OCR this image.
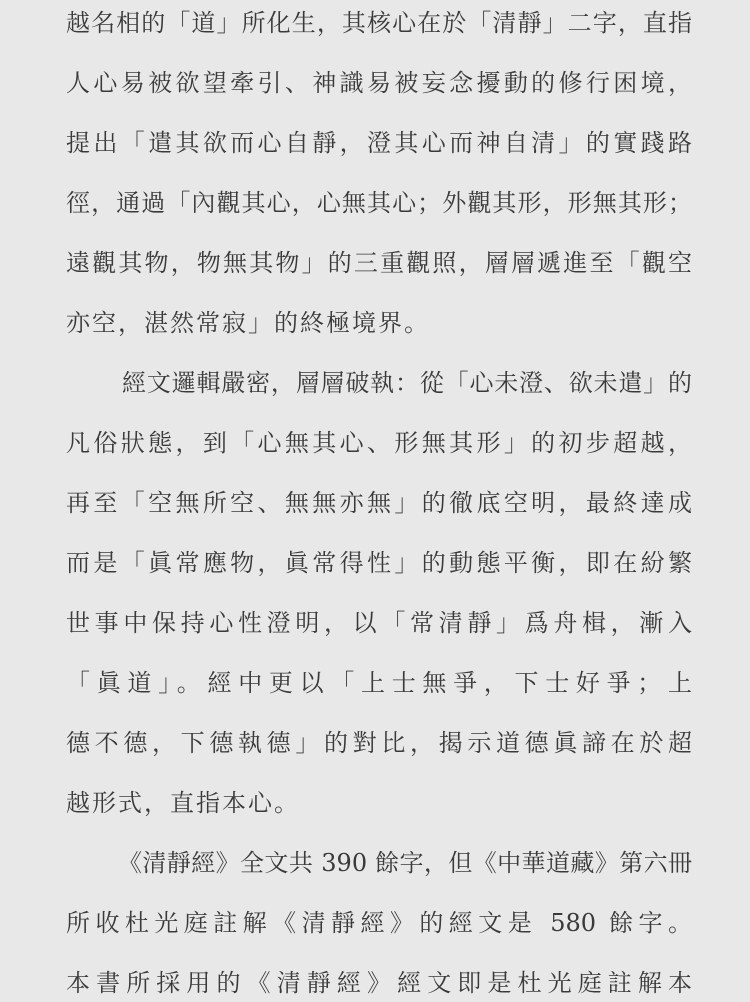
越名相的「道」所化生，其核心在於「清靜」二字，直指
人心易被欲望牽引、神識易被妄念擾動的修行困境，
提出「遣其欲而心自靜，澄其心而神自清」的實踐路
徑，通過「內觀其心，心無其心；外觀其形，形無其形；
遠觀其物，物無其物」的三重觀照，層層遞進至「觀空
亦空，湛然常寂」的終極境界。
經文邏輯嚴密，層層破執：從「心未澄、欲未遣」的
凡俗狀態，到「心無其心、形無其形」的初步超越，
再至「空無所空、無無亦無」的徹底空明，最終達成
而是「眞常應物，眞常得性」的動態平衡，即在紛繁
世事中保持心性澄明，以「常清靜」爲舟楫，漸入
「眞道」。經中更以「上士無爭，下士好爭；上
德不德，下德執德」的對比，揭示道德眞諦在於超
越形式，直指本心。
《清靜經》全文共 390 餘字，但《中華道藏》第六冊
所收杜光庭註解《清靜經》的經文是 580 餘字。
本書所採用的《清靜經》經文即是杜光庭註解本
